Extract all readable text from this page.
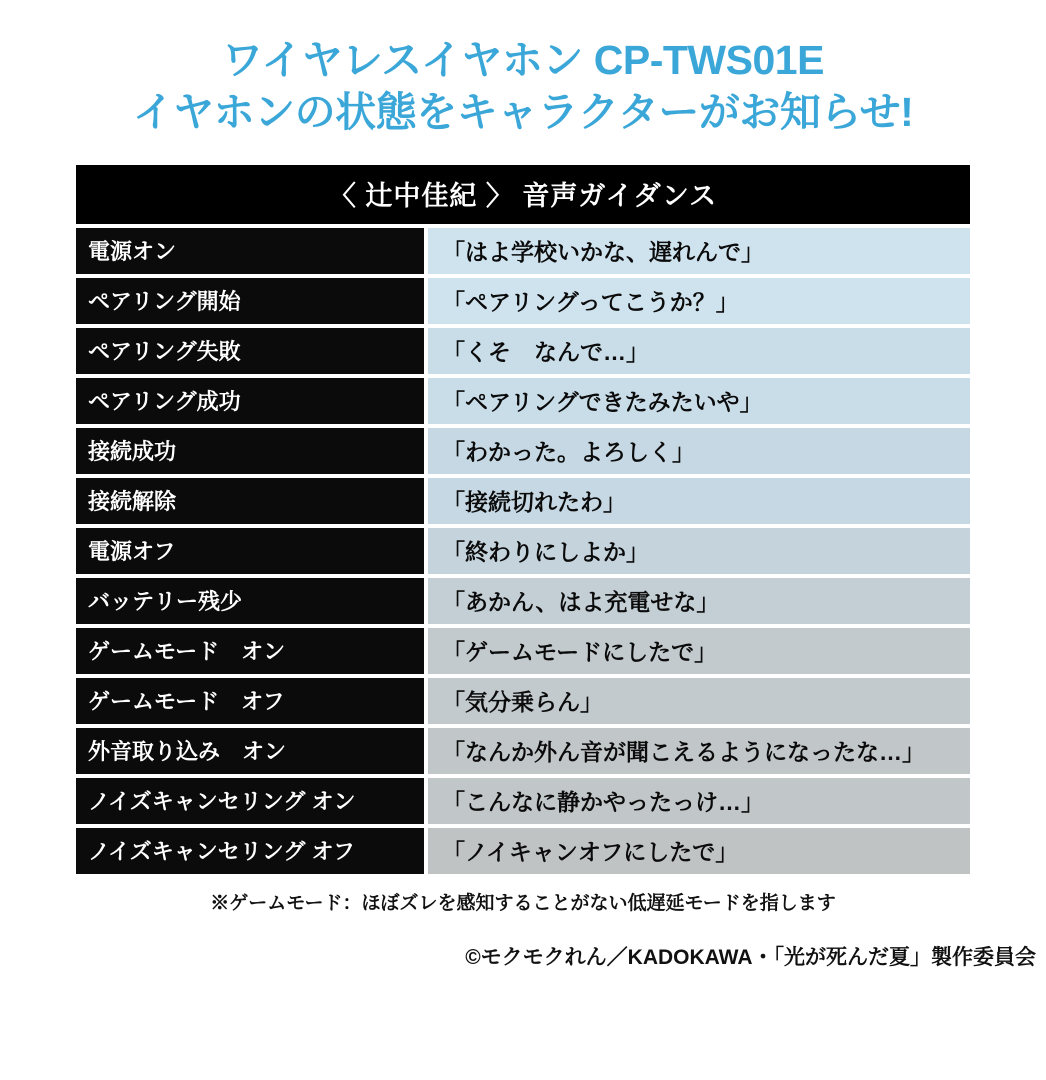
ワイヤレスイヤホン CP-TWS01E
イヤホンの状態をキャラクターがお知らせ!
〈 辻中佳紀 〉 音声ガイダンス
電源オン	「はよ学校いかな、遅れんで」
ペアリング開始	「ペアリングってこうか？」
ペアリング失敗	「くそ　なんで…」
ペアリング成功	「ペアリングできたみたいや」
接続成功	「わかった。よろしく」
接続解除	「接続切れたわ」
電源オフ	「終わりにしよか」
バッテリー残少	「あかん、はよ充電せな」
ゲームモード　オン	「ゲームモードにしたで」
ゲームモード　オフ	「気分乗らん」
外音取り込み　オン	「なんか外ん音が聞こえるようになったな…」
ノイズキャンセリング オン	「こんなに静かやったっけ…」
ノイズキャンセリング オフ	「ノイキャンオフにしたで」
※ゲームモード：ほぼズレを感知することがない低遅延モードを指します
©モクモクれん／KADOKAWA・「光が死んだ夏」製作委員会
